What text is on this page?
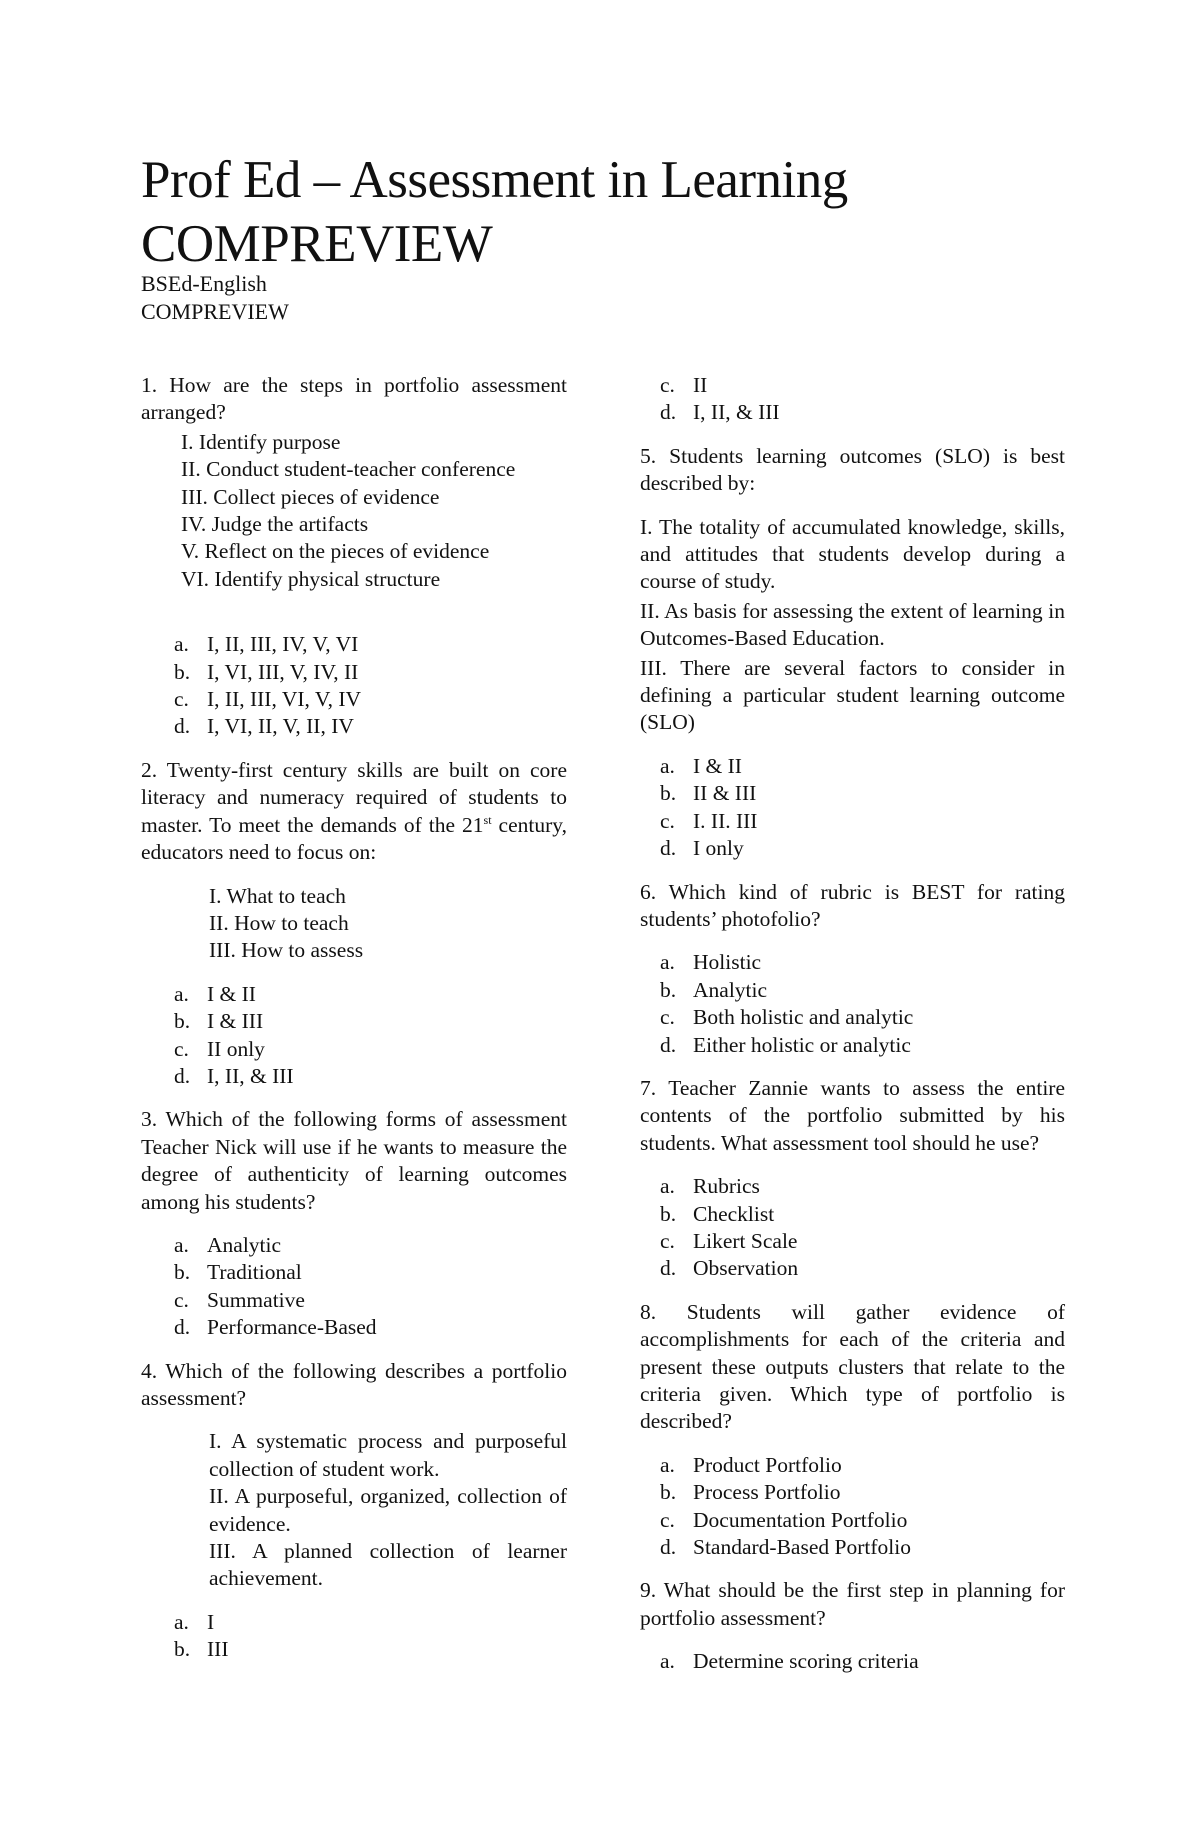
Prof Ed – Assessment in Learning
COMPREVIEW
BSEd-English
COMPREVIEW

1. How are the steps in portfolio assessment arranged?

I. Identify purpose
II. Conduct student-teacher conference
III. Collect pieces of evidence
IV. Judge the artifacts
V. Reflect on the pieces of evidence
VI. Identify physical structure
a. I, II, III, IV, V, VI
b. I, VI, III, V, IV, II
c. I, II, III, VI, V, IV
d. I, VI, II, V, II, IV

2. Twenty-first century skills are built on core literacy and numeracy required of students to master. To meet the demands of the 21st century, educators need to focus on:

I. What to teach
II. How to teach
III. How to assess
a. I & II
b. I & III
c. II only
d. I, II, & III

3. Which of the following forms of assessment Teacher Nick will use if he wants to measure the degree of authenticity of learning outcomes among his students?

a. Analytic
b. Traditional
c. Summative
d. Performance-Based

4. Which of the following describes a portfolio assessment?

I. A systematic process and purposeful collection of student work.
II. A purposeful, organized, collection of evidence.
III. A planned collection of learner achievement.
a. I
b. III
c. II
d. I, II, & III

5. Students learning outcomes (SLO) is best described by:

I. The totality of accumulated knowledge, skills, and attitudes that students develop during a course of study.
II. As basis for assessing the extent of learning in Outcomes-Based Education.
III. There are several factors to consider in defining a particular student learning outcome (SLO)
a. I & II
b. II & III
c. I. II. III
d. I only

6. Which kind of rubric is BEST for rating students’ photofolio?

a. Holistic
b. Analytic
c. Both holistic and analytic
d. Either holistic or analytic

7. Teacher Zannie wants to assess the entire contents of the portfolio submitted by his students. What assessment tool should he use?

a. Rubrics
b. Checklist
c. Likert Scale
d. Observation

8. Students will gather evidence of accomplishments for each of the criteria and present these outputs clusters that relate to the criteria given. Which type of portfolio is described?

a. Product Portfolio
b. Process Portfolio
c. Documentation Portfolio
d. Standard-Based Portfolio

9. What should be the first step in planning for portfolio assessment?

a. Determine scoring criteria
